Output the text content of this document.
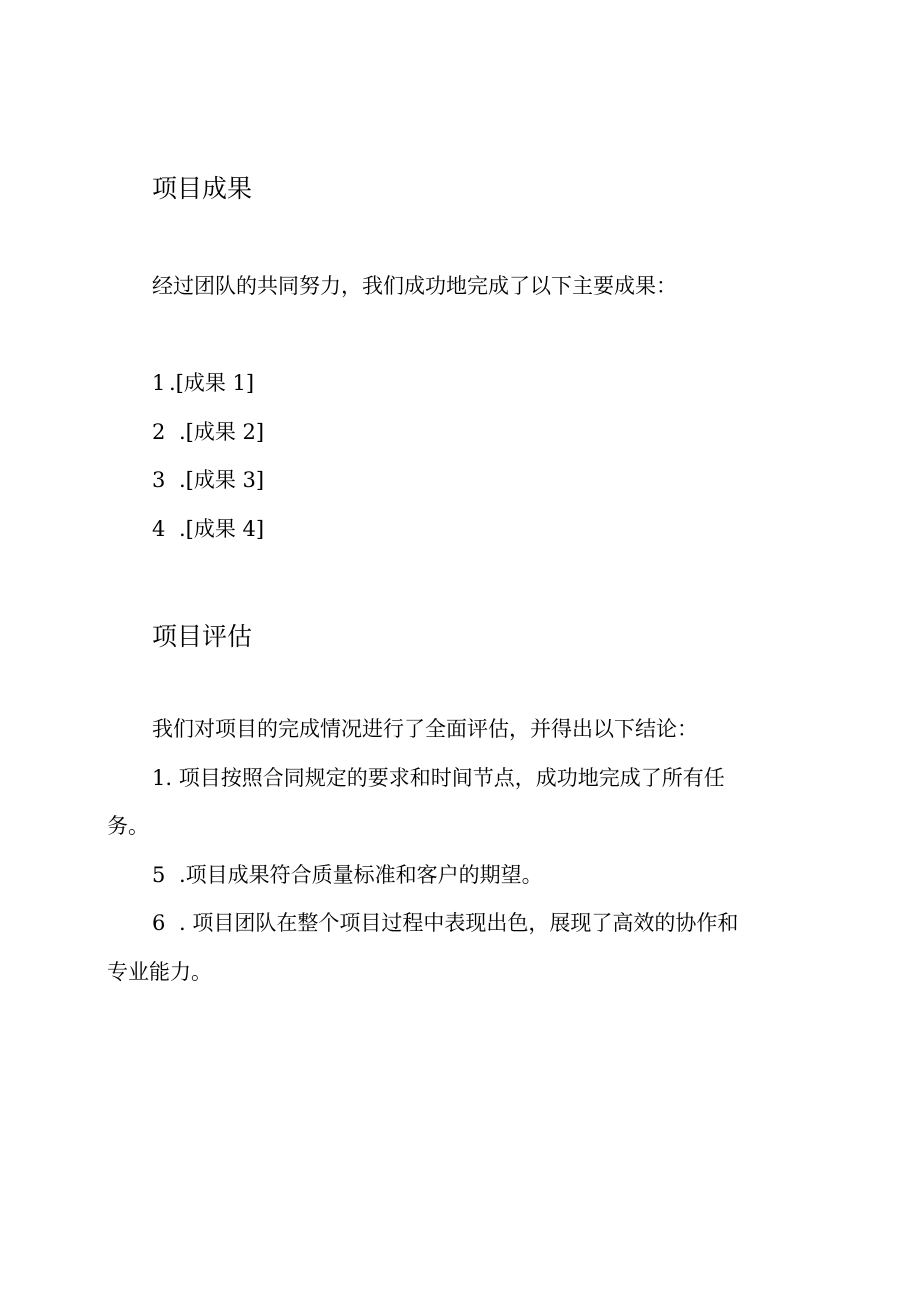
项目成果
经过团队的共同努力，我们成功地完成了以下主要成果：
1 .[成果 1]
2 .[成果 2]
3 .[成果 3]
4 .[成果 4]
项目评估
我们对项目的完成情况进行了全面评估，并得出以下结论：
1. 项目按照合同规定的要求和时间节点，成功地完成了所有任
务。
5 .项目成果符合质量标准和客户的期望。
6 . 项目团队在整个项目过程中表现出色，展现了高效的协作和
专业能力。
